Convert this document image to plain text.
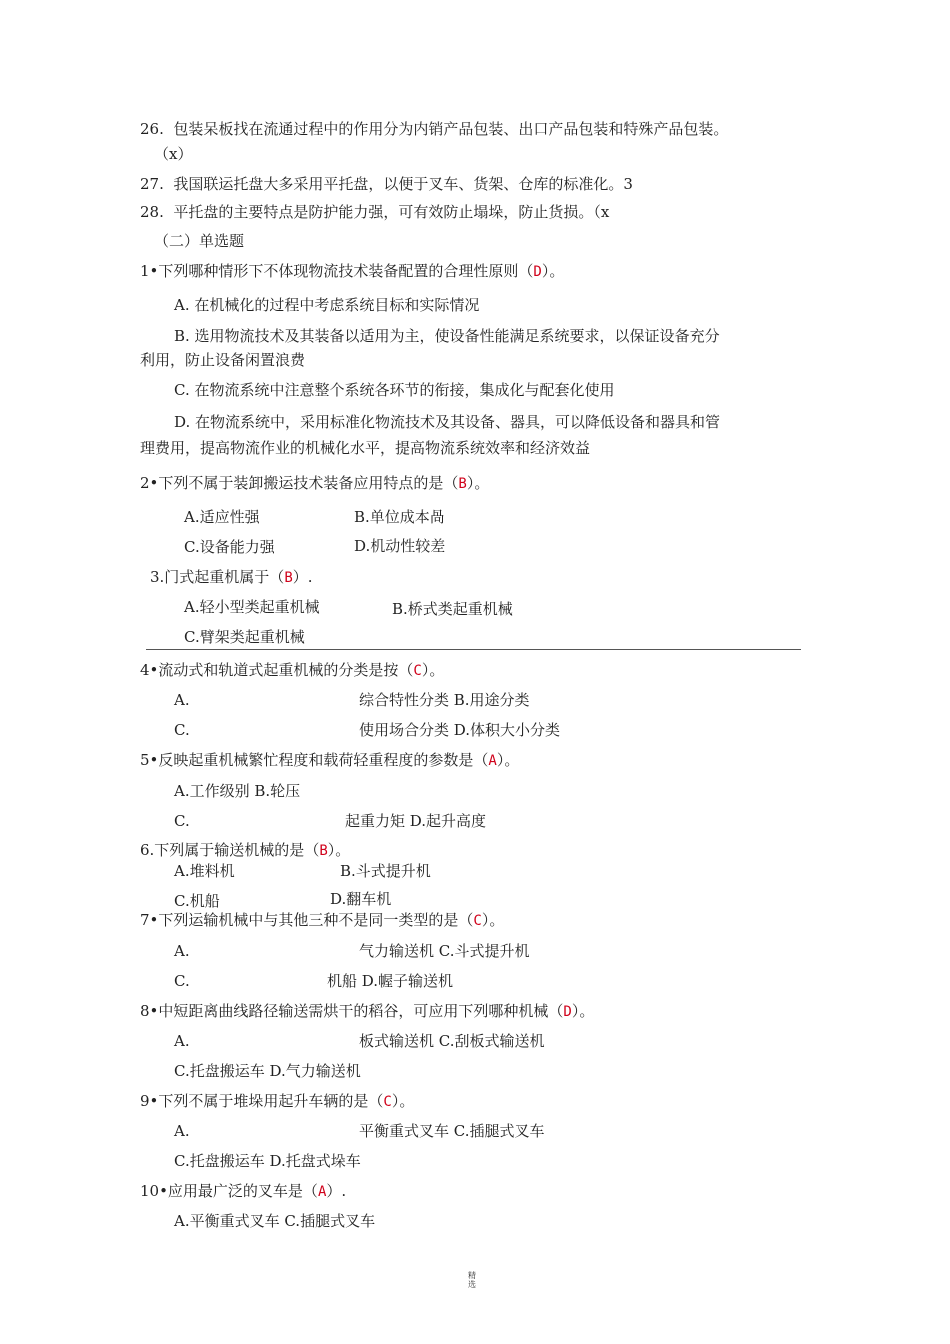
26. 包装呆板找在流通过程中的作用分为内销产品包装、出口产品包装和特殊产品包装。
（x）
27. 我国联运托盘大多采用平托盘，以便于叉车、货架、仓库的标准化。3
28. 平托盘的主要特点是防护能力强，可有效防止塌垛，防止货损。（x
（二）单选题
1•下列哪种情形下不体现物流技术装备配置的合理性原则（D）。
A. 在机械化的过程中考虑系统目标和实际情况
B. 选用物流技术及其装备以适用为主，使设备性能满足系统要求，以保证设备充分
利用，防止设备闲置浪费
C. 在物流系统中注意整个系统各环节的衔接，集成化与配套化使用
D. 在物流系统中，采用标准化物流技术及其设备、器具，可以降低设备和器具和管
理费用，提高物流作业的机械化水平，提高物流系统效率和经济效益
2•下列不属于装卸搬运技术装备应用特点的是（B）。
A.适应性强	B.单位成本咼
C.设备能力强	D.机动性较差
3.门式起重机属于（B）.
A.轻小型类起重机械	B.桥式类起重机械
C.臂架类起重机械
4•流动式和轨道式起重机械的分类是按（C）。
A.	综合特性分类 B.用途分类
C.	使用场合分类 D.体积大小分类
5•反映起重机械繁忙程度和载荷轻重程度的参数是（A）。
A.工作级别 B.轮压
C.	起重力矩 D.起升高度
6.下列属于输送机械的是（B）。
A.堆料机	B.斗式提升机
C.机船	D.翻车机
7•下列运输机械中与其他三种不是同一类型的是（C）。
A.	气力输送机 C.斗式提升机
C.	机船 D.幄子输送机
8•中短距离曲线路径输送需烘干的稻谷，可应用下列哪种机械（D）。
A.	板式输送机 C.刮板式输送机
C.托盘搬运车 D.气力输送机
9•下列不属于堆垛用起升车辆的是（C）。
A.	平衡重式叉车 C.插腿式叉车
C.托盘搬运车 D.托盘式垛车
10•应用最广泛的叉车是（A）.
A.平衡重式叉车 C.插腿式叉车
精
选
